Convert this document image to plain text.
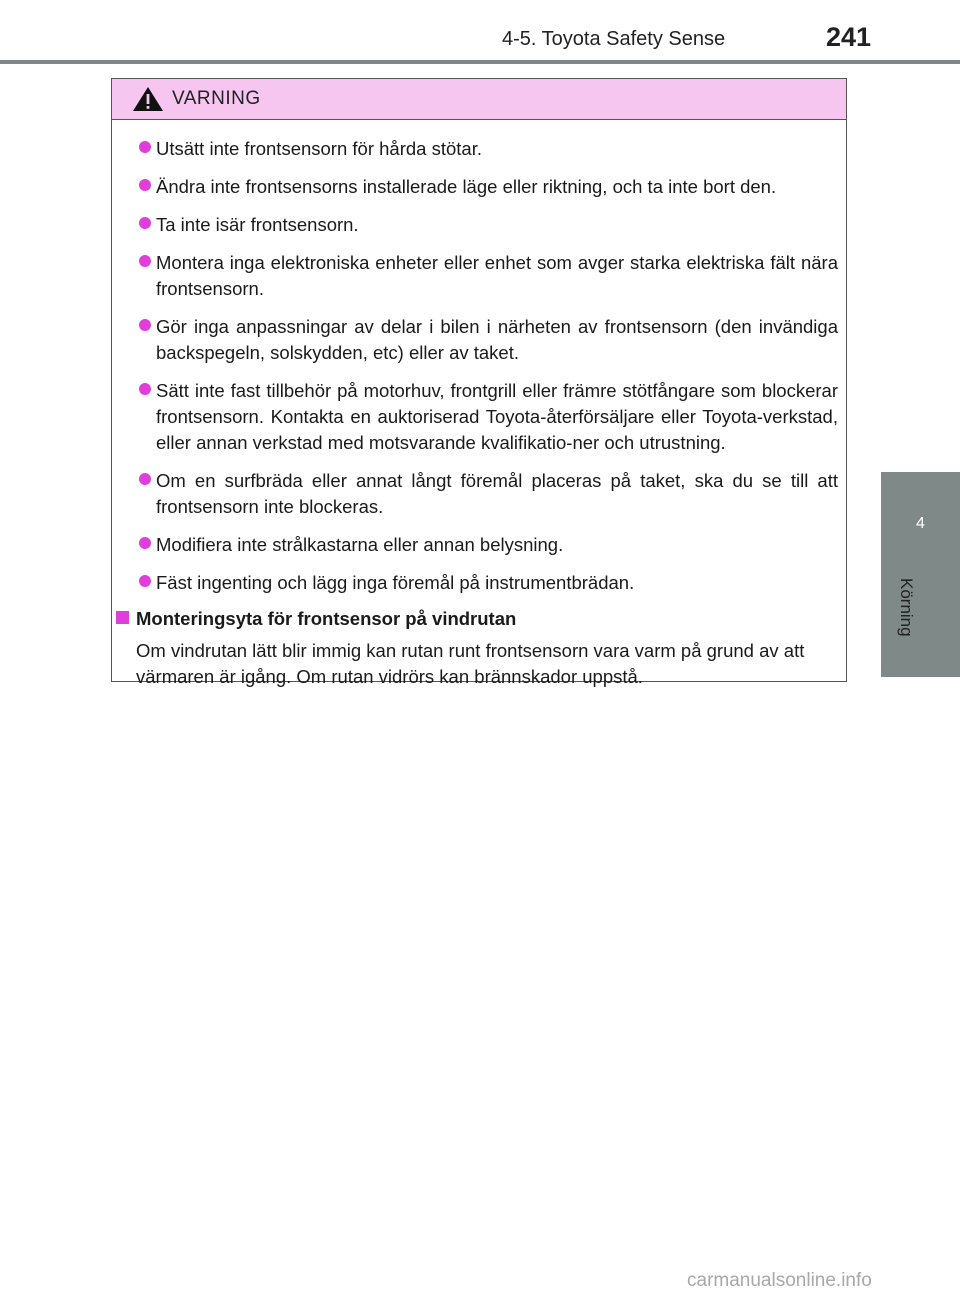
4-5. Toyota Safety Sense	241
4
Körning
VARNING
Utsätt inte frontsensorn för hårda stötar.
Ändra inte frontsensorns installerade läge eller riktning, och ta inte bort den.
Ta inte isär frontsensorn.
Montera inga elektroniska enheter eller enhet som avger starka elektriska fält nära frontsensorn.
Gör inga anpassningar av delar i bilen i närheten av frontsensorn (den invändiga backspegeln, solskydden, etc) eller av taket.
Sätt inte fast tillbehör på motorhuv, frontgrill eller främre stötfångare som blockerar frontsensorn. Kontakta en auktoriserad Toyota-återförsäljare eller Toyota-verkstad, eller annan verkstad med motsvarande kvalifikatio-ner och utrustning.
Om en surfbräda eller annat långt föremål placeras på taket, ska du se till att frontsensorn inte blockeras.
Modifiera inte strålkastarna eller annan belysning.
Fäst ingenting och lägg inga föremål på instrumentbrädan.
Monteringsyta för frontsensor på vindrutan
Om vindrutan lätt blir immig kan rutan runt frontsensorn vara varm på grund av att värmaren är igång. Om rutan vidrörs kan brännskador uppstå.
carmanualsonline.info
